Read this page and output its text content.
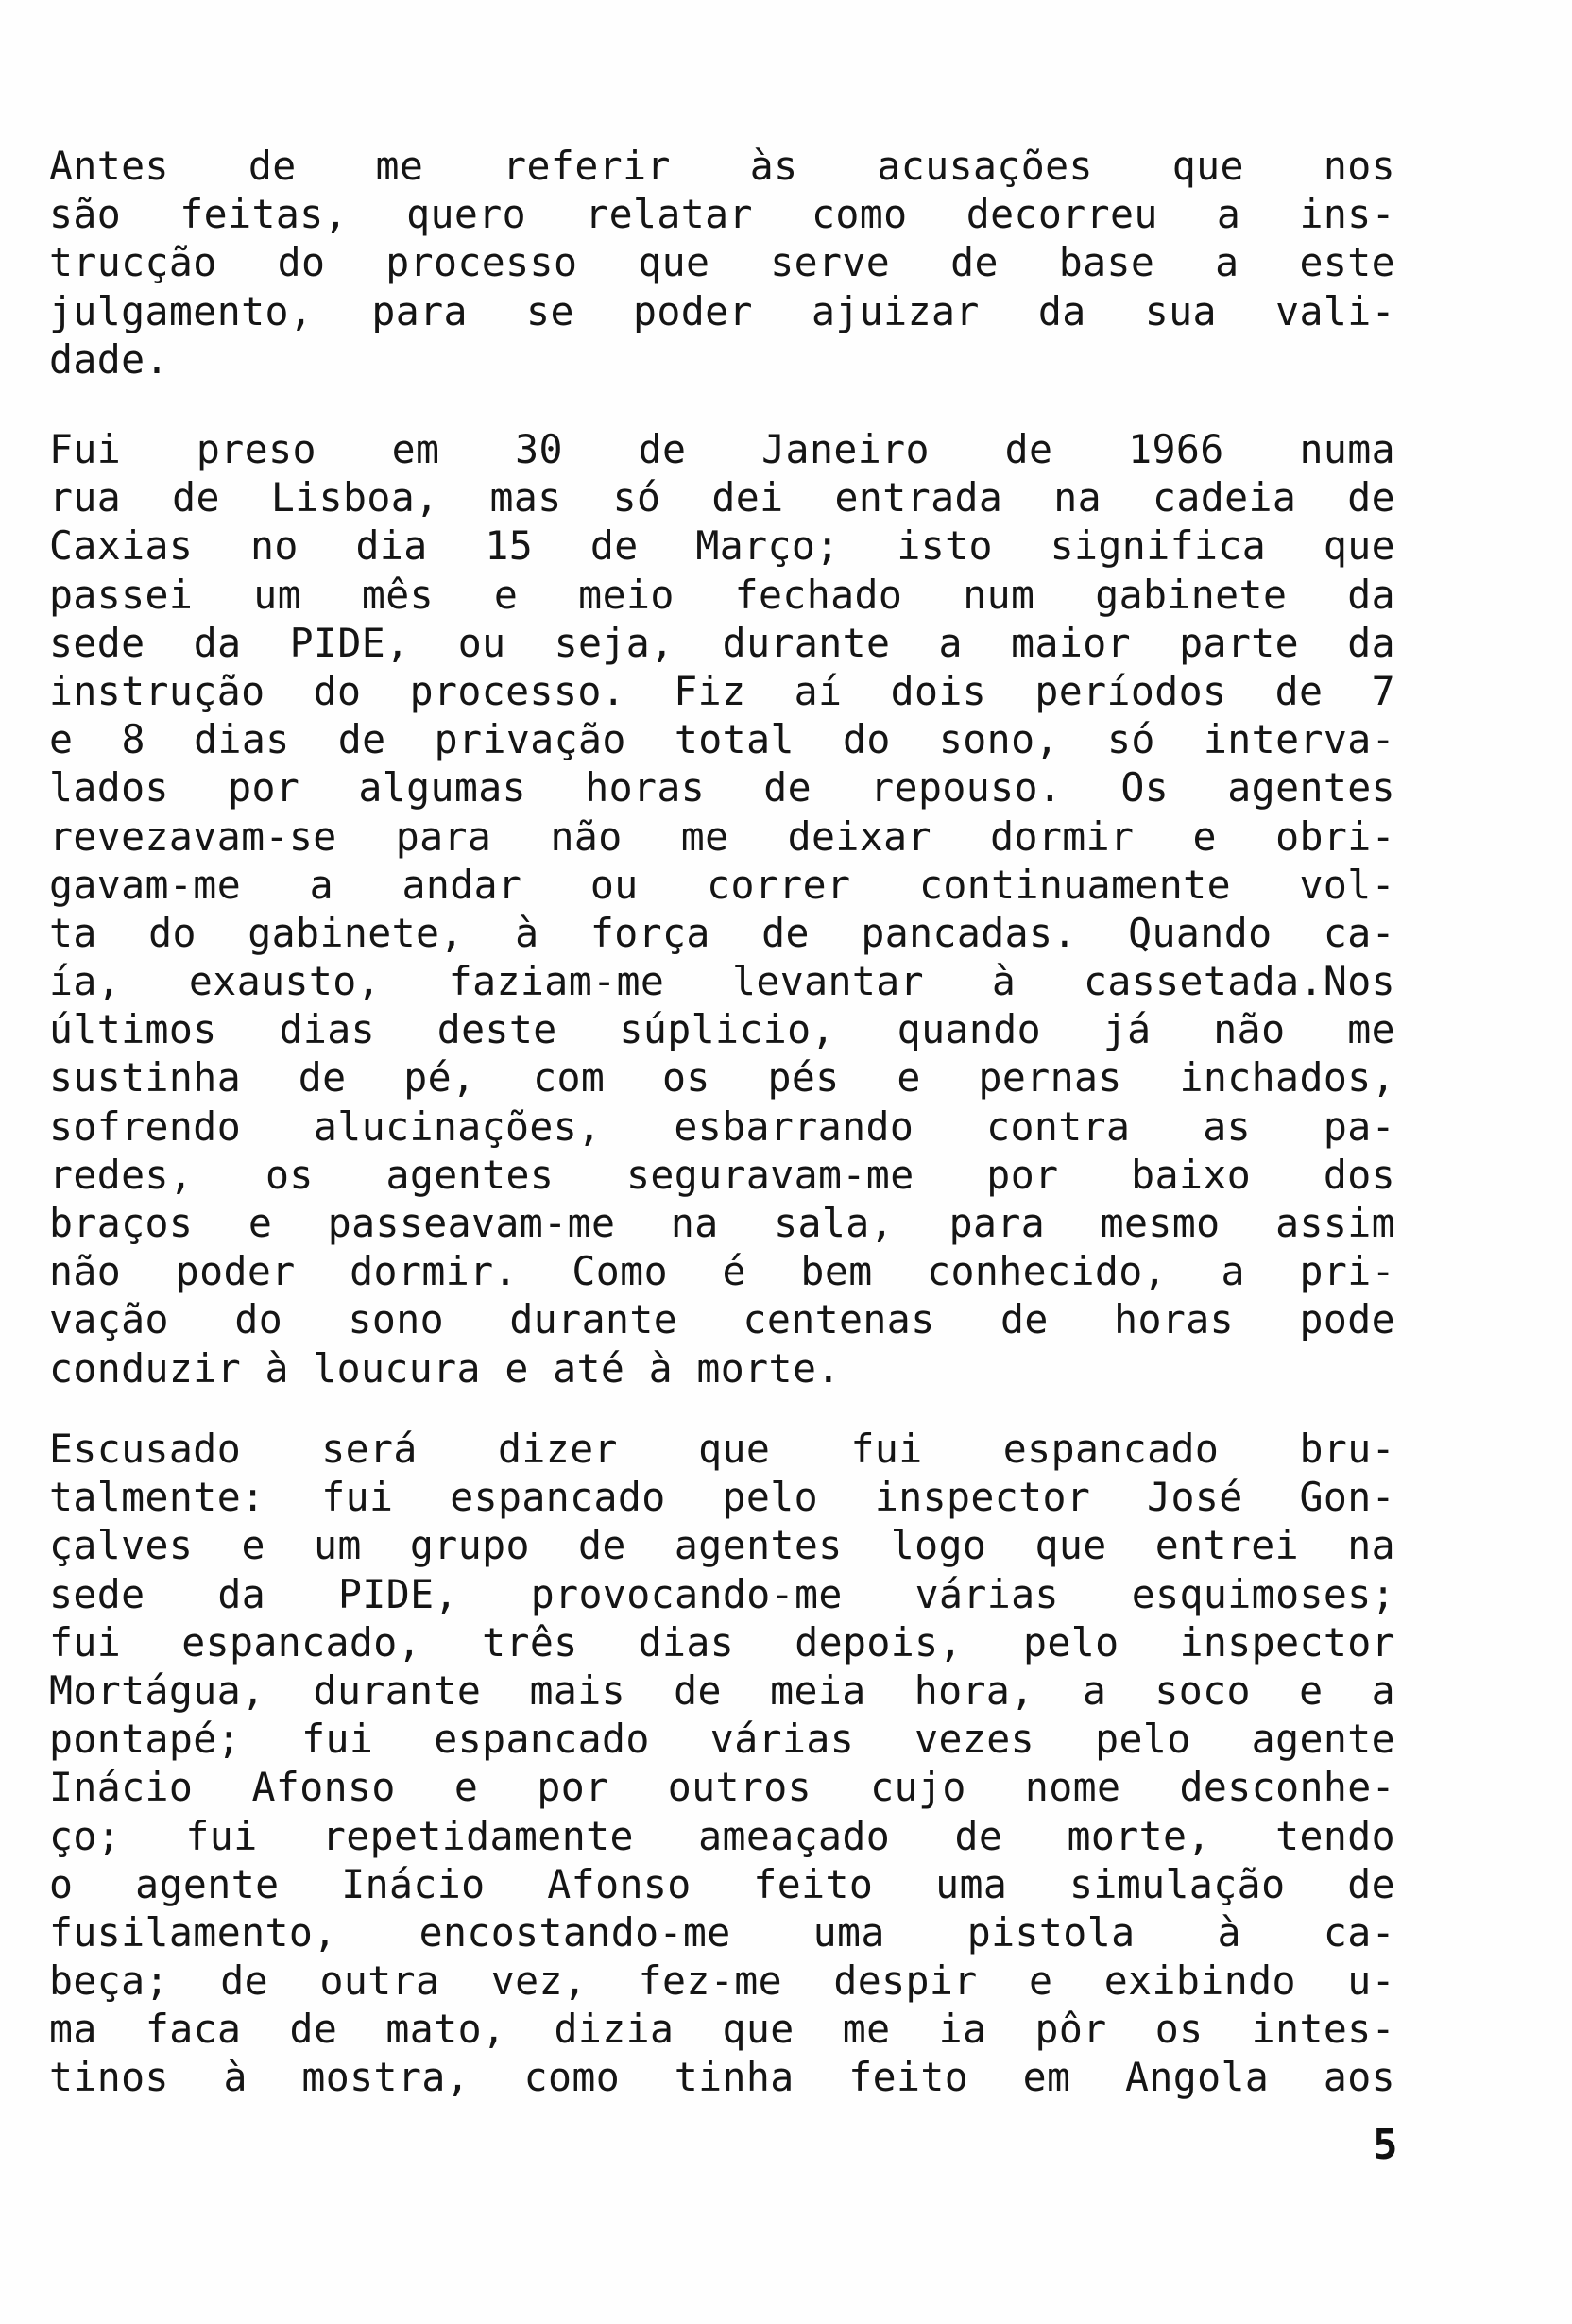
Antes de me referir às acusações que nos
são feitas, quero relatar como decorreu a ins-
trucção do processo que serve de base a este
julgamento, para se poder ajuizar da sua vali-
dade.
Fui preso em 30 de Janeiro de 1966 numa
rua de Lisboa, mas só dei entrada na cadeia de
Caxias no dia 15 de Março; isto significa que
passei um mês e meio fechado num gabinete da
sede da PIDE, ou seja, durante a maior parte da
instrução do processo. Fiz aí dois períodos de 7
e 8 dias de privação total do sono, só interva-
lados por algumas horas de repouso. Os agentes
revezavam-se para não me deixar dormir e obri-
gavam-me a andar ou correr continuamente vol-
ta do gabinete, à força de pancadas. Quando ca-
ía, exausto, faziam-me levantar à cassetada.Nos
últimos dias deste súplicio, quando já não me
sustinha de pé, com os pés e pernas inchados,
sofrendo alucinações, esbarrando contra as pa-
redes, os agentes seguravam-me por baixo dos
braços e passeavam-me na sala, para mesmo assim
não poder dormir. Como é bem conhecido, a pri-
vação do sono durante centenas de horas pode
conduzir à loucura e até à morte.
Escusado será dizer que fui espancado bru-
talmente: fui espancado pelo inspector José Gon-
çalves e um grupo de agentes logo que entrei na
sede da PIDE, provocando-me várias esquimoses;
fui espancado, três dias depois, pelo inspector
Mortágua, durante mais de meia hora, a soco e a
pontapé; fui espancado várias vezes pelo agente
Inácio Afonso e por outros cujo nome desconhe-
ço; fui repetidamente ameaçado de morte, tendo
o agente Inácio Afonso feito uma simulação de
fusilamento, encostando-me uma pistola à ca-
beça; de outra vez, fez-me despir e exibindo u-
ma faca de mato, dizia que me ia pôr os intes-
tinos à mostra, como tinha feito em Angola aos
5
